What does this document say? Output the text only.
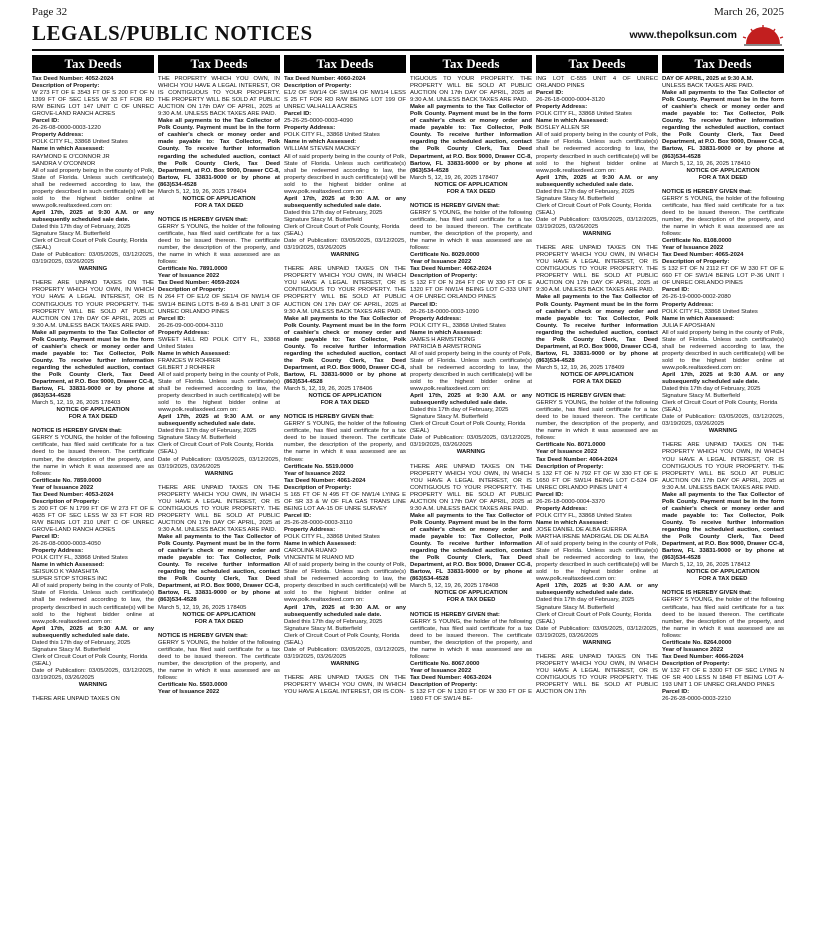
Page 32	March 26, 2025
LEGALS/PUBLIC NOTICES	www.thepolksun.com
Tax Deeds
Tax Deed Number: 4052-2024
Description of Property:
W 273 FT OF E 3543 FT OF S 200 FT OF N 1399 FT OF SEC LESS W 33 FT FOR RD R/W BEING LOT 147 UNIT C OF UNREC GROVE-LAND RANCH ACRES
Parcel ID:
26-26-08-0000-0003-1220
Property Address:
POLK CITY FL, 33868 United States
Name in which Assessed:
RAYMOND E O'CONNOR JR
SANDRA V O'CONNOR
All of said property being in the county of Polk, State of Florida. Unless such certificate(s) shall be redeemed according to law, the property described in such certificate(s) will be sold to the highest bidder online at www.polk.realtaxdeed.com on:
April 17th, 2025 at 9:30 A.M. or any subsequently scheduled sale date.
Dated this 17th day of February, 2025
Signature Stacy M. Butterfield
Clerk of Circuit Court of Polk County, Florida
(SEAL)
Date of Publication: 03/05/2025, 03/12/2025, 03/19/2025, 03/26/2025

WARNING

THERE ARE UNPAID TAXES ON THE PROPERTY WHICH YOU OWN, IN WHICH YOU HAVE A LEGAL INTEREST, OR IS CONTIGUOUS TO YOUR PROPERTY. THE PROPERTY WILL BE SOLD AT PUBLIC AUCTION ON 17th DAY OF APRIL, 2025 at 9:30 A.M. UNLESS BACK TAXES ARE PAID.
Make all payments to the Tax Collector of Polk County. Payment must be in the form of cashier's check or money order and made payable to: Tax Collector, Polk County. To receive further information regarding the scheduled auction, contact the Polk County Clerk, Tax Deed Department, at P.O. Box 9000, Drawer CC-8, Bartow, FL 33831-9000 or by phone at (863)534-4528
March 5, 12, 19, 26, 2025 178403

NOTICE OF APPLICATION
FOR A TAX DEED

NOTICE IS HEREBY GIVEN that:
GERRY S YOUNG, the holder of the following certificate, has filed said certificate for a tax deed to be issued thereon. The certificate number, the description of the property, and the name in which it was assessed are as follows:
Certificate No. 7859.0000
Year of Issuance 2022
Tax Deed Number: 4053-2024
Description of Property:
S 200 FT OF N 1799 FT OF W 273 FT OF E 4635 FT OF SEC LESS W 33 FT FOR RD R/W BEING LOT 210 UNIT C OF UNREC GROVE-LAND RANCH ACRES
Parcel ID:
26-26-08-0000-0003-4050
Property Address:
POLK CITY FL, 33868 United States
Name in which Assessed:
SEISUKO K YAMASHITA
SUPER STOP STORES INC
All of said property being in the county of Polk, State of Florida. Unless such certificate(s) shall be redeemed according to law, the property described in such certificate(s) will be sold to the highest bidder online at www.polk.realtaxdeed.com on:
April 17th, 2025 at 9:30 A.M. or any subsequently scheduled sale date.
Dated this 17th day of February, 2025
Signature Stacy M. Butterfield
Clerk of Circuit Court of Polk County, Florida
(SEAL)
Date of Publication: 03/05/2025, 03/12/2025, 03/19/2025, 03/26/2025

WARNING

THERE ARE UNPAID TAXES ON

Tax Deeds
THE PROPERTY WHICH YOU OWN, IN WHICH YOU HAVE A LEGAL INTEREST, OR IS CONTIGUOUS TO YOUR PROPERTY. THE PROPERTY WILL BE SOLD AT PUBLIC AUCTION ON 17th DAY OF APRIL, 2025 at 9:30 A.M. UNLESS BACK TAXES ARE PAID.
Make all payments to the Tax Collector of Polk County. Payment must be in the form of cashier's check or money order and made payable to: Tax Collector, Polk County. To receive further information regarding the scheduled auction, contact the Polk County Clerk, Tax Deed Department, at P.O. Box 9000, Drawer CC-8, Bartow, FL 33831-9000 or by phone at (863)534-4528
March 5, 12, 19, 26, 2025 178404

NOTICE OF APPLICATION
FOR A TAX DEED

NOTICE IS HEREBY GIVEN that:
GERRY S YOUNG, the holder of the following certificate, has filed said certificate for a tax deed to be issued thereon. The certificate number, the description of the property, and the name in which it was assessed are as follows:
Certificate No. 7891.0000
Year of Issuance 2022
Tax Deed Number: 4059-2024
Description of Property:
N 264 FT OF E1/2 OF SE1/4 OF NW1/4 OF SW1/4 BEING LOTS B-69 & B-81 UNIT 3 OF UNREC ORLANDO PINES
Parcel ID:
26-26-09-000-0004-3110
Property Address:
SWEET HILL RD POLK CITY FL, 33868 United States
Name in which Assessed:
FRANCES W ROHRER
GILBERT J ROHRER
All of said property being in the county of Polk, State of Florida. Unless such certificate(s) shall be redeemed according to law, the property described in such certificate(s) will be sold to the highest bidder online at www.polk.realtaxdeed.com on:
April 17th, 2025 at 9:30 A.M. or any subsequently scheduled sale date.
Dated this 17th day of February, 2025
Signature Stacy M. Butterfield
Clerk of Circuit Court of Polk County, Florida
(SEAL)
Date of Publication: 03/05/2025, 03/12/2025, 03/19/2025, 03/26/2025

WARNING

THERE ARE UNPAID TAXES ON THE PROPERTY WHICH YOU OWN, IN WHICH YOU HAVE A LEGAL INTEREST, OR IS CONTIGUOUS TO YOUR PROPERTY. THE PROPERTY WILL BE SOLD AT PUBLIC AUCTION ON 17th DAY OF APRIL, 2025 at 9:30 A.M. UNLESS BACK TAXES ARE PAID.
Make all payments to the Tax Collector of Polk County. Payment must be in the form of cashier's check or money order and made payable to: Tax Collector, Polk County. To receive further information regarding the scheduled auction, contact the Polk County Clerk, Tax Deed Department, at P.O. Box 9000, Drawer CC-8, Bartow, FL 33831-9000 or by phone at (863)534-4528
March 5, 12, 19, 26, 2025 178405

NOTICE OF APPLICATION
FOR A TAX DEED

NOTICE IS HEREBY GIVEN that:
GERRY S YOUNG, the holder of the following certificate, has filed said certificate for a tax deed to be issued thereon. The certificate number, the description of the property, and the name in which it was assessed are as follows:
Certificate No. 5503.0000
Year of Issuance 2022

Tax Deeds
Tax Deed Number: 4060-2024
Description of Property:
E1/2 OF SW1/4 OF SW1/4 OF NW1/4 LESS S 25 FT FOR RD R/W BEING LOT 199 OF UNREC VALHALLA ACRES
Parcel ID:
25-26-25-0000-0003-4090
Property Address:
POLK CITY FL, 33868 United States
Name in which Assessed:
WILLIAM STEVEN MACKEY
All of said property being in the county of Polk, State of Florida. Unless such certificate(s) shall be redeemed according to law, the property described in such certificate(s) will be sold to the highest bidder online at www.polk.realtaxdeed.com on:
April 17th, 2025 at 9:30 A.M. or any subsequently scheduled sale date.
Dated this 17th day of February, 2025
Signature Stacy M. Butterfield
Clerk of Circuit Court of Polk County, Florida
(SEAL)
Date of Publication: 03/05/2025, 03/12/2025, 03/19/2025, 03/26/2025

WARNING

THERE ARE UNPAID TAXES ON THE PROPERTY WHICH YOU OWN, IN WHICH YOU HAVE A LEGAL INTEREST, OR IS CONTIGUOUS TO YOUR PROPERTY. THE PROPERTY WILL BE SOLD AT PUBLIC AUCTION ON 17th DAY OF APRIL, 2025 at 9:30 A.M. UNLESS BACK TAXES ARE PAID.
Make all payments to the Tax Collector of Polk County. Payment must be in the form of cashier's check or money order and made payable to: Tax Collector, Polk County. To receive further information regarding the scheduled auction, contact the Polk County Clerk, Tax Deed Department, at P.O. Box 9000, Drawer CC-8, Bartow, FL 33831-9000 or by phone at (863)534-4528
March 5, 12, 19, 26, 2025 178406

NOTICE OF APPLICATION
FOR A TAX DEED

NOTICE IS HEREBY GIVEN that:
GERRY S YOUNG, the holder of the following certificate, has filed said certificate for a tax deed to be issued thereon. The certificate number, the description of the property, and the name in which it was assessed are as follows:
Certificate No. 5519.0000
Year of Issuance 2022
Tax Deed Number: 4061-2024
Description of Property:
S 165 FT OF N 495 FT OF NW1/4 LYING E OF SR 33 & W OF FLA GAS TRANS LINE BEING LOT AA-15 OF UNRE SURVEY
Parcel ID:
25-26-28-0000-0003-3110
Property Address:
POLK CITY FL, 33868 United States
Name in which Assessed:
CAROLINA RUANO
VINCENTE M RUANO MD
All of said property being in the county of Polk, State of Florida. Unless such certificate(s) shall be redeemed according to law, the property described in such certificate(s) will be sold to the highest bidder online at www.polk.realtaxdeed.com on:
April 17th, 2025 at 9:30 A.M. or any subsequently scheduled sale date.
Dated this 17th day of February, 2025
Signature Stacy M. Butterfield
Clerk of Circuit Court of Polk County, Florida
(SEAL)
Date of Publication: 03/05/2025, 03/12/2025, 03/19/2025, 03/26/2025

WARNING

THERE ARE UNPAID TAXES ON THE PROPERTY WHICH YOU OWN, IN WHICH YOU HAVE A LEGAL INTEREST, OR IS CON-

Tax Deeds
TIGUOUS TO YOUR PROPERTY. THE PROPERTY WILL BE SOLD AT PUBLIC AUCTION ON 17th DAY OF APRIL, 2025 at 9:30 A.M. UNLESS BACK TAXES ARE PAID.
Make all payments to the Tax Collector of Polk County. Payment must be in the form of cashier's check or money order and made payable to: Tax Collector, Polk County. To receive further information regarding the scheduled auction, contact the Polk County Clerk, Tax Deed Department, at P.O. Box 9000, Drawer CC-8, Bartow, FL 33831-9000 or by phone at (863)534-4528
March 5, 12, 19, 26, 2025 178407

NOTICE OF APPLICATION
FOR A TAX DEED

NOTICE IS HEREBY GIVEN that:
GERRY S YOUNG, the holder of the following certificate, has filed said certificate for a tax deed to be issued thereon. The certificate number, the description of the property, and the name in which it was assessed are as follows:
Certificate No. 8029.0000
Year of Issuance 2022
Tax Deed Number: 4062-2024
Description of Property:
S 132 FT OF N 264 FT OF W 330 FT OF E 1320 FT OF NW1/4 BEING LOT C-333 UNIT 4 OF UNREC ORLANDO PINES
Parcel ID:
26-26-18-0000-0003-1090
Property Address:
POLK CITY FL, 33868 United States
Name in which Assessed:
JAMES H ARMSTRONG
PATRICIA B ARMSTRONG
All of said property being in the county of Polk, State of Florida. Unless such certificate(s) shall be redeemed according to law, the property described in such certificate(s) will be sold to the highest bidder online at www.polk.realtaxdeed.com on:
April 17th, 2025 at 9:30 A.M. or any subsequently scheduled sale date.
Dated this 17th day of February, 2025
Signature Stacy M. Butterfield
Clerk of Circuit Court of Polk County, Florida
(SEAL)
Date of Publication: 03/05/2025, 03/12/2025, 03/19/2025, 03/26/2025

WARNING

THERE ARE UNPAID TAXES ON THE PROPERTY WHICH YOU OWN, IN WHICH YOU HAVE A LEGAL INTEREST, OR IS CONTIGUOUS TO YOUR PROPERTY. THE PROPERTY WILL BE SOLD AT PUBLIC AUCTION ON 17th DAY OF APRIL, 2025 at 9:30 A.M. UNLESS BACK TAXES ARE PAID.
Make all payments to the Tax Collector of Polk County. Payment must be in the form of cashier's check or money order and made payable to: Tax Collector, Polk County. To receive further information regarding the scheduled auction, contact the Polk County Clerk, Tax Deed Department, at P.O. Box 9000, Drawer CC-8, Bartow, FL 33831-9000 or by phone at (863)534-4528
March 5, 12, 19, 26, 2025 178408

NOTICE OF APPLICATION
FOR A TAX DEED

NOTICE IS HEREBY GIVEN that:
GERRY S YOUNG, the holder of the following certificate, has filed said certificate for a tax deed to be issued thereon. The certificate number, the description of the property, and the name in which it was assessed are as follows:
Certificate No. 8067.0000
Year of Issuance 2022
Tax Deed Number: 4063-2024
Description of Property:
S 132 FT OF N 1320 FT OF W 330 FT OF E 1980 FT OF SW1/4 BE-

Tax Deeds
ING LOT C-555 UNIT 4 OF UNREC ORLANDO PINES
Parcel ID:
26-26-18-0000-0004-3120
Property Address:
POLK CITY FL, 33868 United States
Name in which Assessed:
BOSLEY ALLEN SR
All of said property being in the county of Polk, State of Florida. Unless such certificate(s) shall be redeemed according to law, the property described in such certificate(s) will be sold to the highest bidder online at www.polk.realtaxdeed.com on:
April 17th, 2025 at 9:30 A.M. or any subsequently scheduled sale date.
Dated this 17th day of February, 2025
Signature Stacy M. Butterfield
Clerk of Circuit Court of Polk County, Florida
(SEAL)
Date of Publication: 03/05/2025, 03/12/2025, 03/19/2025, 03/26/2025

WARNING

THERE ARE UNPAID TAXES ON THE PROPERTY WHICH YOU OWN, IN WHICH YOU HAVE A LEGAL INTEREST, OR IS CONTIGUOUS TO YOUR PROPERTY. THE PROPERTY WILL BE SOLD AT PUBLIC AUCTION ON 17th DAY OF APRIL, 2025 at 9:30 A.M. UNLESS BACK TAXES ARE PAID.
Make all payments to the Tax Collector of Polk County. Payment must be in the form of cashier's check or money order and made payable to: Tax Collector, Polk County. To receive further information regarding the scheduled auction, contact the Polk County Clerk, Tax Deed Department, at P.O. Box 9000, Drawer CC-8, Bartow, FL 33831-9000 or by phone at (863)534-4528
March 5, 12, 19, 26, 2025 178409

NOTICE OF APPLICATION
FOR A TAX DEED

NOTICE IS HEREBY GIVEN that:
GERRY S YOUNG, the holder of the following certificate, has filed said certificate for a tax deed to be issued thereon. The certificate number, the description of the property, and the name in which it was assessed are as follows:
Certificate No. 8071.0000
Year of Issuance 2022
Tax Deed Number: 4064-2024
Description of Property:
S 132 FT OF N 792 FT OF W 330 FT OF E 1650 FT OF SW1/4 BEING LOT C-524 OF UNREC ORLANDO PINES UNIT 4
Parcel ID:
26-26-18-0000-0004-3370
Property Address:
POLK CITY FL, 33868 United States
Name in which Assessed:
JOSE DANIEL DE ALBA GUERRA
MARTHA IRENE MADRIGAL DE DE ALBA
All of said property being in the county of Polk, State of Florida. Unless such certificate(s) shall be redeemed according to law, the property described in such certificate(s) will be sold to the highest bidder online at www.polk.realtaxdeed.com on:
April 17th, 2025 at 9:30 A.M. or any subsequently scheduled sale date.
Dated this 17th day of February, 2025
Signature Stacy M. Butterfield
Clerk of Circuit Court of Polk County, Florida
(SEAL)
Date of Publication: 03/05/2025, 03/12/2025, 03/19/2025, 03/26/2025

WARNING

THERE ARE UNPAID TAXES ON THE PROPERTY WHICH YOU OWN, IN WHICH YOU HAVE A LEGAL INTEREST, OR IS CONTIGUOUS TO YOUR PROPERTY. THE PROPERTY WILL BE SOLD AT PUBLIC AUCTION ON 17th

Tax Deeds
DAY OF APRIL, 2025 at 9:30 A.M.
UNLESS BACK TAXES ARE PAID.
Make all payments to the Tax Collector of Polk County. Payment must be in the form of cashier's check or money order and made payable to: Tax Collector, Polk County. To receive further information regarding the scheduled auction, contact the Polk County Clerk, Tax Deed Department, at P.O. Box 9000, Drawer CC-8, Bartow, FL 33831-9000 or by phone at (863)534-4528
March 5, 12, 19, 26, 2025 178410

NOTICE OF APPLICATION
FOR A TAX DEED

NOTICE IS HEREBY GIVEN that:
GERRY S YOUNG, the holder of the following certificate, has filed said certificate for a tax deed to be issued thereon. The certificate number, the description of the property, and the name in which it was assessed are as follows:
Certificate No. 8108.0000
Year of Issuance 2022
Tax Deed Number: 4065-2024
Description of Property:
S 132 FT OF N 2112 FT OF W 330 FT OF E 660 FT OF SW1/4 BEING LOT P-36 UNIT I OF UNREC ORLANDO PINES
Parcel ID:
26-26-19-0000-0002-2080
Property Address:
POLK CITY FL, 33868 United States
Name in which Assessed:
JULIA F APOSHIAN
All of said property being in the county of Polk, State of Florida. Unless such certificate(s) shall be redeemed according to law, the property described in such certificate(s) will be sold to the highest bidder online at www.polk.realtaxdeed.com on:
April 17th, 2025 at 9:30 A.M. or any subsequently scheduled sale date.
Dated this 17th day of February, 2025
Signature Stacy M. Butterfield
Clerk of Circuit Court of Polk County, Florida
(SEAL)
Date of Publication: 03/05/2025, 03/12/2025, 03/19/2025, 03/26/2025

WARNING

THERE ARE UNPAID TAXES ON THE PROPERTY WHICH YOU OWN, IN WHICH YOU HAVE A LEGAL INTEREST, OR IS CONTIGUOUS TO YOUR PROPERTY. THE PROPERTY WILL BE SOLD AT PUBLIC AUCTION ON 17th DAY OF APRIL, 2025 at 9:30 A.M. UNLESS BACK TAXES ARE PAID.
Make all payments to the Tax Collector of Polk County. Payment must be in the form of cashier's check or money order and made payable to: Tax Collector, Polk County. To receive further information regarding the scheduled auction, contact the Polk County Clerk, Tax Deed Department, at P.O. Box 9000, Drawer CC-8, Bartow, FL 33831-9000 or by phone at (863)534-4528
March 5, 12, 19, 26, 2025 178412

NOTICE OF APPLICATION
FOR A TAX DEED

NOTICE IS HEREBY GIVEN that:
GERRY S YOUNG, the holder of the following certificate, has filed said certificate for a tax deed to be issued thereon. The certificate number, the description of the property, and the name in which it was assessed are as follows:
Certificate No. 8264.0000
Year of Issuance 2022
Tax Deed Number: 4066-2024
Description of Property:
W 132 FT OF E 3300 FT OF SEC LYING N OF SR 400 LESS N 1848 FT BEING LOT A-193 UNIT 1 OF UNREC ORLANDO PINES
Parcel ID:
26-26-28-0000-0003-2210
